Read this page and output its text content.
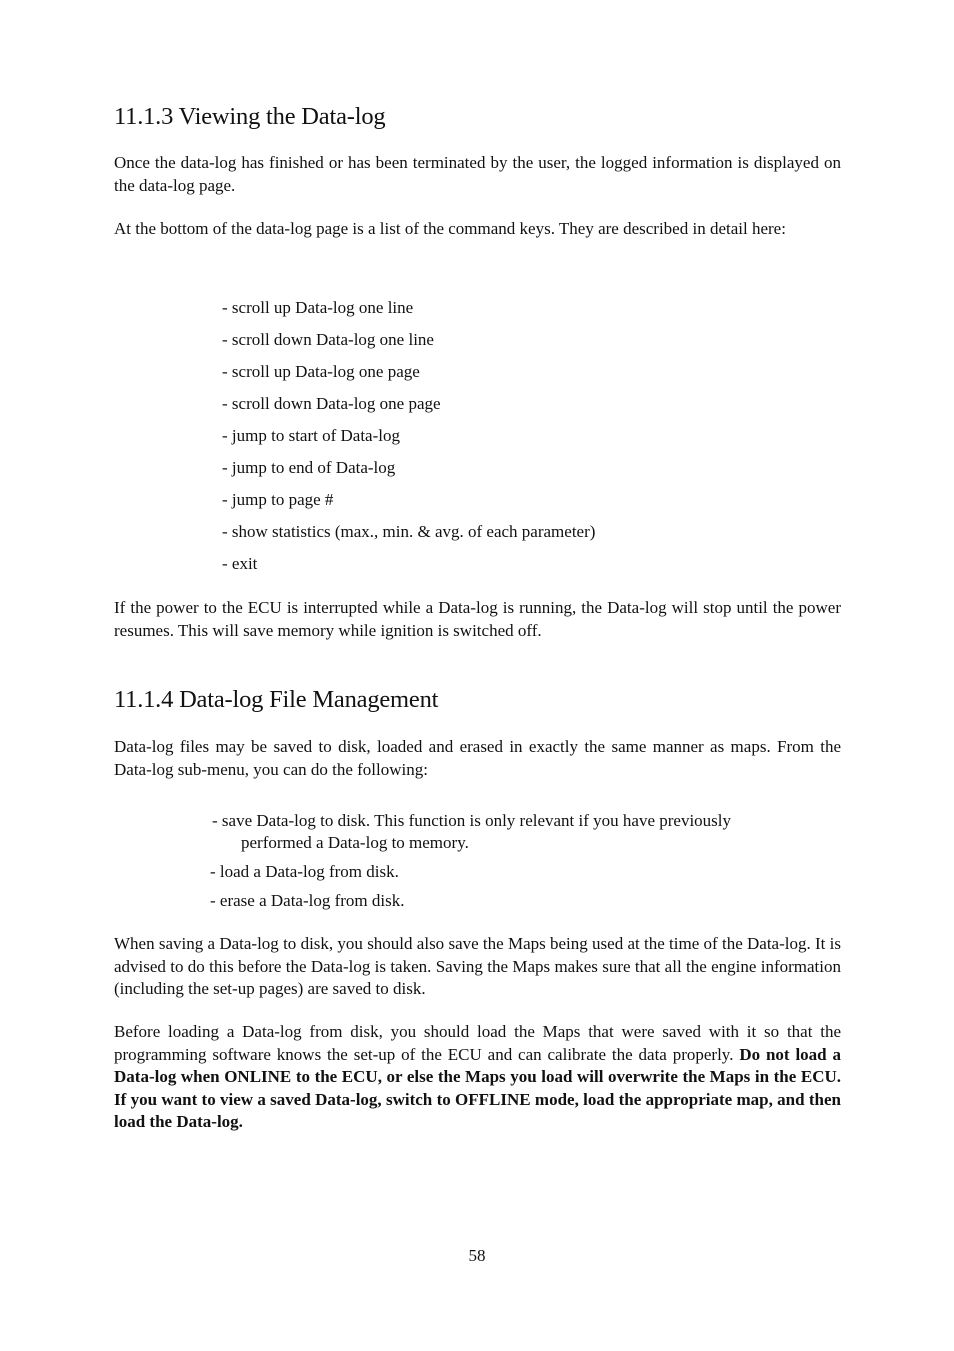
11.1.3 Viewing the Data-log

Once the data-log has finished or has been terminated by the user, the logged information is displayed on the data-log page.

At the bottom of the data-log page is a list of the command keys. They are described in detail here:

- scroll up Data-log one line

- scroll down Data-log one line

- scroll up Data-log one page

- scroll down Data-log one page

- jump to start of Data-log

- jump to end of Data-log

- jump to page #

- show statistics (max., min. & avg. of each parameter)

- exit

If the power to the ECU is interrupted while a Data-log is running, the Data-log will stop until the power resumes. This will save memory while ignition is switched off.

11.1.4 Data-log File Management

Data-log files may be saved to disk, loaded and erased in exactly the same manner as maps. From the Data-log sub-menu, you can do the following:

- save Data-log to disk. This function is only relevant if you have previously

performed a Data-log to memory.

- load a Data-log from disk.

- erase a Data-log from disk.

When saving a Data-log to disk, you should also save the Maps being used at the time of the Data-log. It is advised to do this before the Data-log is taken. Saving the Maps makes sure that all the engine information (including the set-up pages) are saved to disk.

Before loading a Data-log from disk, you should load the Maps that were saved with it so that the programming software knows the set-up of the ECU and can calibrate the data properly. Do not load a Data-log when ONLINE to the ECU, or else the Maps you load will overwrite the Maps in the ECU. If you want to view a saved Data-log, switch to OFFLINE mode, load the appropriate map, and then load the Data-log.

58
